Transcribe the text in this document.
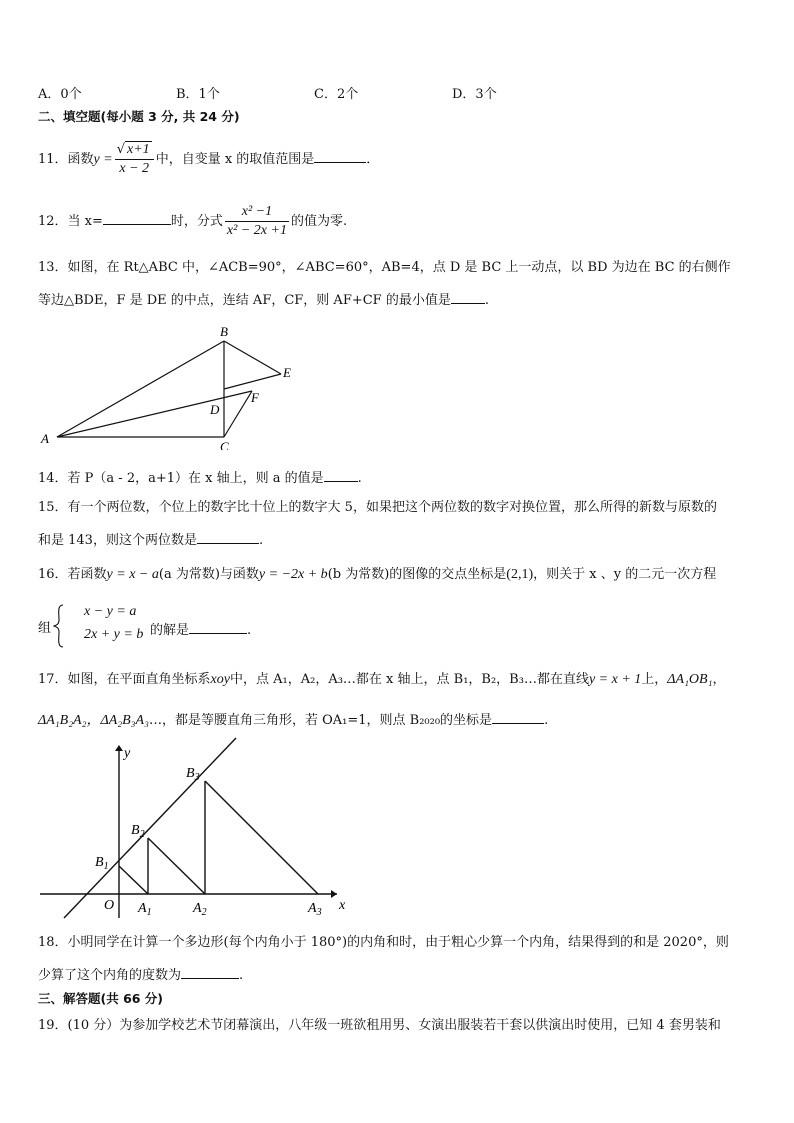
A．0个	B．1个	C．2个	D．3个
二、填空题(每小题 3 分, 共 24 分)
11．函数$y = \frac{√ x+1}{x - 2}$ 中，自变量 x 的取值范围是	．
12．当 x=	时，分式 $\frac{\text{x² −1}}{\text{x² − 2x +1}}$ 的值为零.
13．如图，在 Rt△ABC 中，∠ACB=90°，∠ABC=60°，AB=4，点 D 是 BC 上一动点，以 BD 为边在 BC 的右侧作
等边△BDE，F 是 DE 的中点，连结 AF，CF，则 AF+CF 的最小值是	.
A
B
C
D
E
F
14．若 P（a - 2，a+1）在 x 轴上，则 a 的值是	.
15．有一个两位数，个位上的数字比十位上的数字大 5，如果把这个两位数的数字对换位置，那么所得的新数与原数的
和是 143，则这个两位数是	.
16．若函数y = x − a(a 为常数)与函数y = −2x + b(b 为常数)的图像的交点坐标是(2,1)，则关于 x 、y 的二元一次方程
组
x − y = a
2x + y = b 的解是	.
17．如图，在平面直角坐标系xoy中，点 A₁，A₂，A₃…都在 x 轴上，点 B₁，B₂，B₃…都在直线y = x + 1上，ΔA₁OB₁，
ΔA₁B₂A₂，ΔA₂B₃A₃…，都是等腰直角三角形，若 OA₁=1，则点 B₂₀₂₀的坐标是	.
y
x
O
$B_1$
$B_2$
$B_3$
$A_1$	$A_2$	$A_3$
18．小明同学在计算一个多边形(每个内角小于 180°)的内角和时，由于粗心少算一个内角，结果得到的和是 2020°，则
少算了这个内角的度数为	.
三、解答题(共 66 分)
19．(10 分）为参加学校艺术节闭幕演出，八年级一班欲租用男、女演出服装若干套以供演出时使用，已知 4 套男装和
